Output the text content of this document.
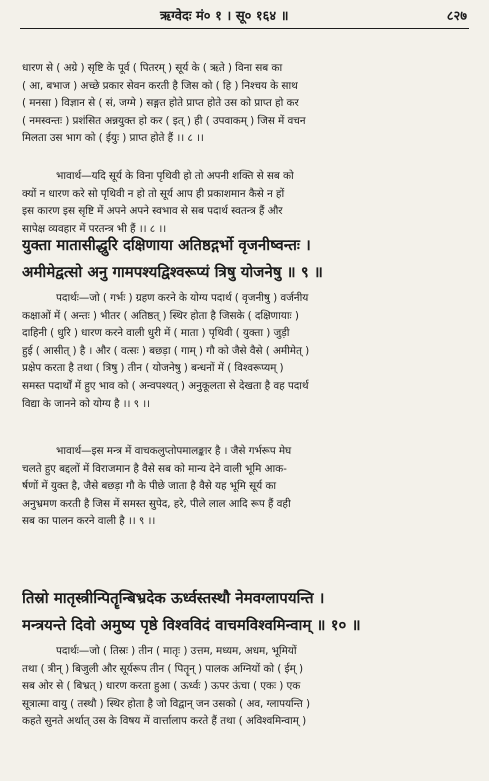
ऋग्वेदः मं० १ । सू० १६४ ॥	८२७
धारण से ( अग्रे ) सृष्टि के पूर्व ( पितरम् ) सूर्य के ( ऋते ) विना सब का
( आ, बभाज ) अच्छे प्रकार सेवन करती है जिस को ( हि ) निश्चय के साथ
( मनसा ) विज्ञान से ( सं, जग्मे ) सङ्गत होते प्राप्त होते उस को प्राप्त हो कर
( नमस्वन्तः ) प्रशंसित अन्नयुक्त हो कर ( इत् ) ही ( उपवाकम् ) जिस में वचन
मिलता उस भाग को ( ईयुः ) प्राप्त होते हैं ।। ८ ।।
भावार्थ—यदि सूर्य के विना पृथिवी हो तो अपनी शक्ति से सब को
क्यों न धारण करे सो पृथिवी न हो तो सूर्य आप ही प्रकाशमान कैसे न हों
इस कारण इस सृष्टि में अपने अपने स्वभाव से सब पदार्थ स्वतन्त्र हैं और
सापेक्ष व्यवहार में परतन्त्र भी हैं ।। ८ ।।
युक्ता मातासीद्धुरि दक्षिणाया अतिष्ठद्गर्भो वृजनीष्वन्तः ।
अमीमेद्वत्सो अनु गामपश्यद्विश्वरूप्यं त्रिषु योजनेषु ॥ ९ ॥
पदार्थः—जो ( गर्भः ) ग्रहण करने के योग्य पदार्थ ( वृजनीषु ) वर्जनीय
कक्षाओं में ( अन्तः ) भीतर ( अतिष्ठत् ) स्थिर होता है जिसके ( दक्षिणायाः )
दाहिनी ( धुरि ) धारण करने वाली धुरी में ( माता ) पृथिवी ( युक्ता ) जुड़ी
हुई ( आसीत् ) है । और ( वत्सः ) बछड़ा ( गाम् ) गौ को जैसे वैसे ( अमीमेत् )
प्रक्षेप करता है तथा ( त्रिषु ) तीन ( योजनेषु ) बन्धनों में ( विश्वरूप्यम् )
समस्त पदार्थों में हुए भाव को ( अन्वपश्यत् ) अनुकूलता से देखता है वह पदार्थ
विद्या के जानने को योग्य है ।। ९ ।।
भावार्थ—इस मन्त्र में वाचकलुप्तोपमालङ्कार है । जैसे गर्भरूप मेघ
चलते हुए बद्दलों में विराजमान है वैसे सब को मान्य देने वाली भूमि आक-
र्षणों में युक्त है, जैसे बछड़ा गौ के पीछे जाता है वैसे यह भूमि सूर्य का
अनुभ्रमण करती है जिस में समस्त सुपेद, हरे, पीले लाल आदि रूप हैं वही
सब का पालन करने वाली है ।। ९ ।।
तिस्रो मातृस्त्रीन्पितॄन्बिभ्रदेक ऊर्ध्वस्तस्थौ नेमवग्लापयन्ति ।
मन्त्रयन्ते दिवो अमुष्य पृष्ठे विश्वविदं वाचमविश्वमिन्वाम् ॥ १० ॥
पदार्थः—जो ( तिस्रः ) तीन ( मातृः ) उत्तम, मध्यम, अधम, भूमियों
तथा ( त्रीन् ) बिजुली और सूर्यरूप तीन ( पितॄन् ) पालक अग्नियों को ( ईम् )
सब ओर से ( बिभ्रत् ) धारण करता हुआ ( ऊर्ध्वः ) ऊपर ऊंचा ( एकः ) एक
सूत्रात्मा वायु ( तस्थौ ) स्थिर होता है जो विद्वान् जन उसको ( अव, ग्लापयन्ति )
कहते सुनते अर्थात् उस के विषय में वार्त्तालाप करते हैं तथा ( अविश्वमिन्वाम् )
